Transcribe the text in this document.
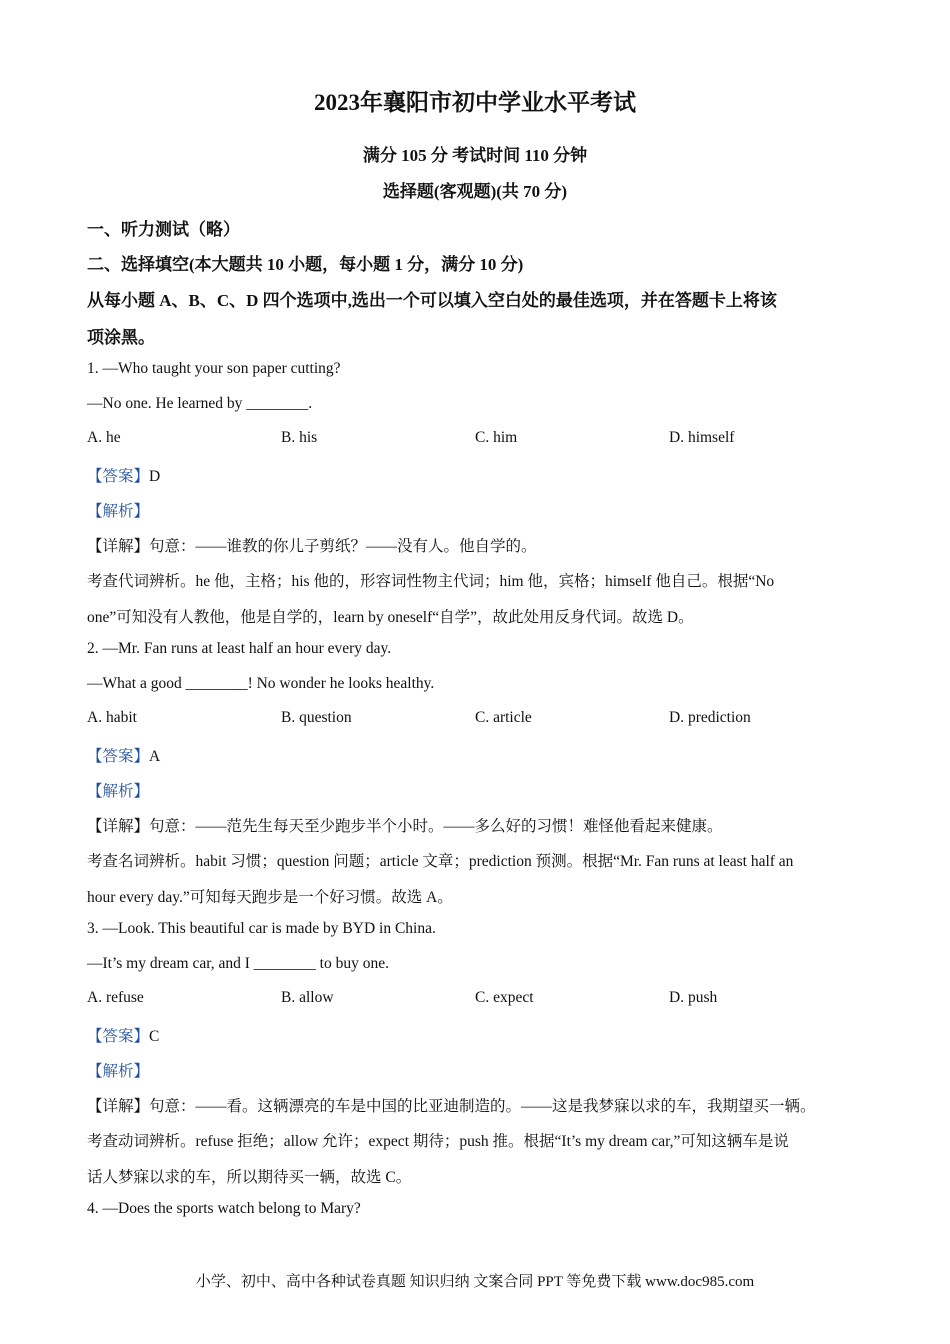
2023年襄阳市初中学业水平考试
满分 105 分 考试时间 110 分钟
选择题(客观题)(共 70 分)
一、听力测试（略）
二、选择填空(本大题共 10 小题，每小题 1 分，满分 10 分)
从每小题 A、B、C、D 四个选项中,选出一个可以填入空白处的最佳选项，并在答题卡上将该
项涂黑。
1. —Who taught your son paper cutting?
—No one. He learned by ________.
A. he	B. his	C. him	D. himself
【答案】D
【解析】
【详解】句意：——谁教的你儿子剪纸？——没有人。他自学的。
考查代词辨析。he 他，主格；his 他的，形容词性物主代词；him 他，宾格；himself 他自己。根据“No
one”可知没有人教他，他是自学的，learn by oneself“自学”，故此处用反身代词。故选 D。
2. —Mr. Fan runs at least half an hour every day.
—What a good ________! No wonder he looks healthy.
A. habit	B. question	C. article	D. prediction
【答案】A
【解析】
【详解】句意：——范先生每天至少跑步半个小时。——多么好的习惯！难怪他看起来健康。
考查名词辨析。habit 习惯；question 问题；article 文章；prediction 预测。根据“Mr. Fan runs at least half an
hour every day.”可知每天跑步是一个好习惯。故选 A。
3. —Look. This beautiful car is made by BYD in China.
—It’s my dream car, and I ________ to buy one.
A. refuse	B. allow	C. expect	D. push
【答案】C
【解析】
【详解】句意：——看。这辆漂亮的车是中国的比亚迪制造的。——这是我梦寐以求的车，我期望买一辆。
考查动词辨析。refuse 拒绝；allow 允许；expect 期待；push 推。根据“It’s my dream car,”可知这辆车是说
话人梦寐以求的车，所以期待买一辆，故选 C。
4. —Does the sports watch belong to Mary?
小学、初中、高中各种试卷真题 知识归纳 文案合同 PPT 等免费下载 www.doc985.com
